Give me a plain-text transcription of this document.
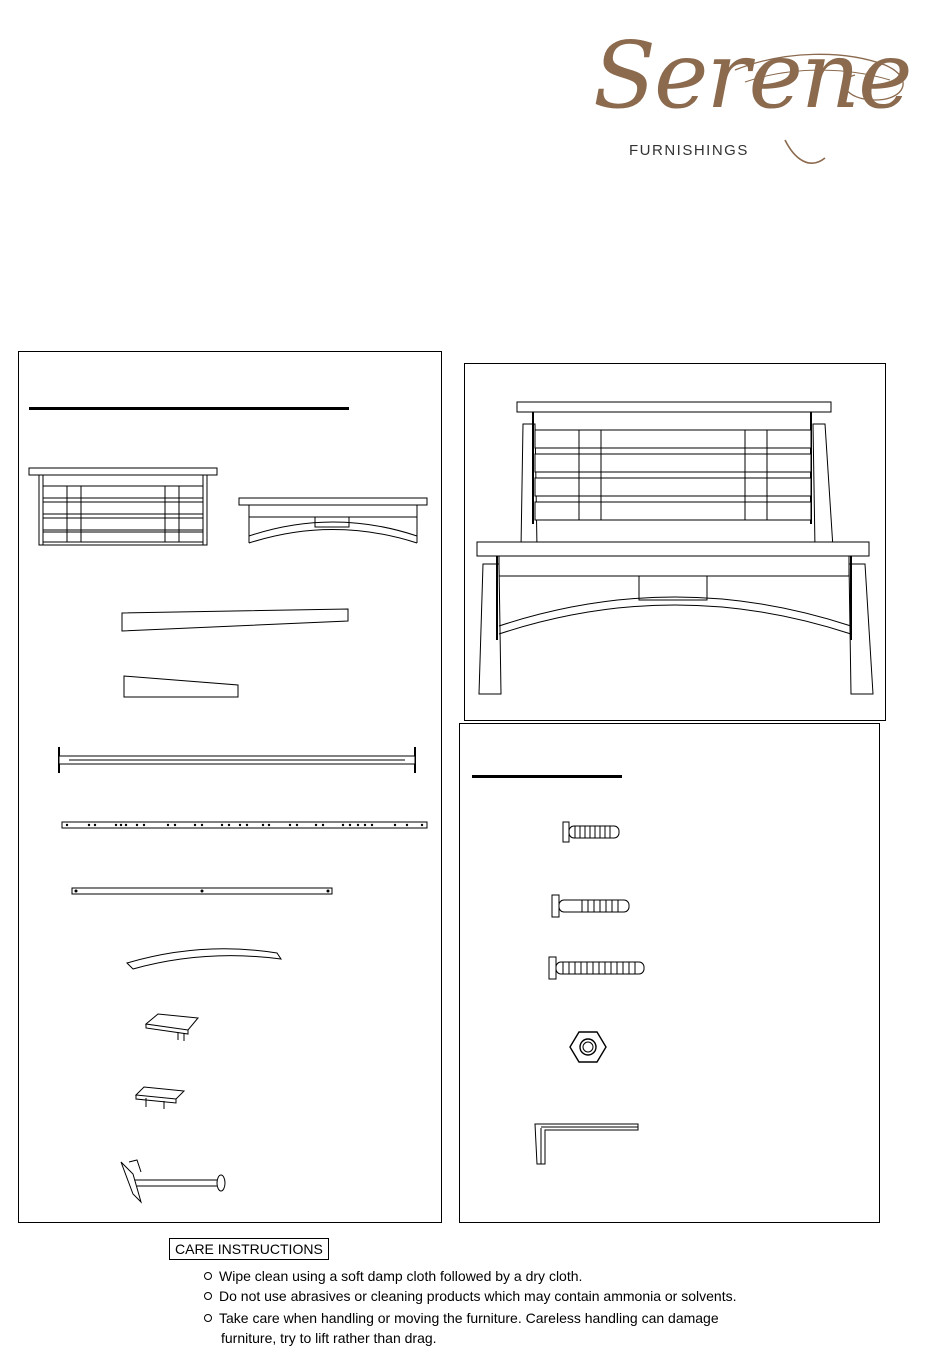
Serene
FURNISHINGS
CARE INSTRUCTIONS
Wipe clean using a soft damp cloth followed by a dry cloth.
Do not use abrasives or cleaning products which may contain ammonia or solvents.
Take care when handling or moving the furniture. Careless handling can damage
furniture, try to lift rather than drag.
